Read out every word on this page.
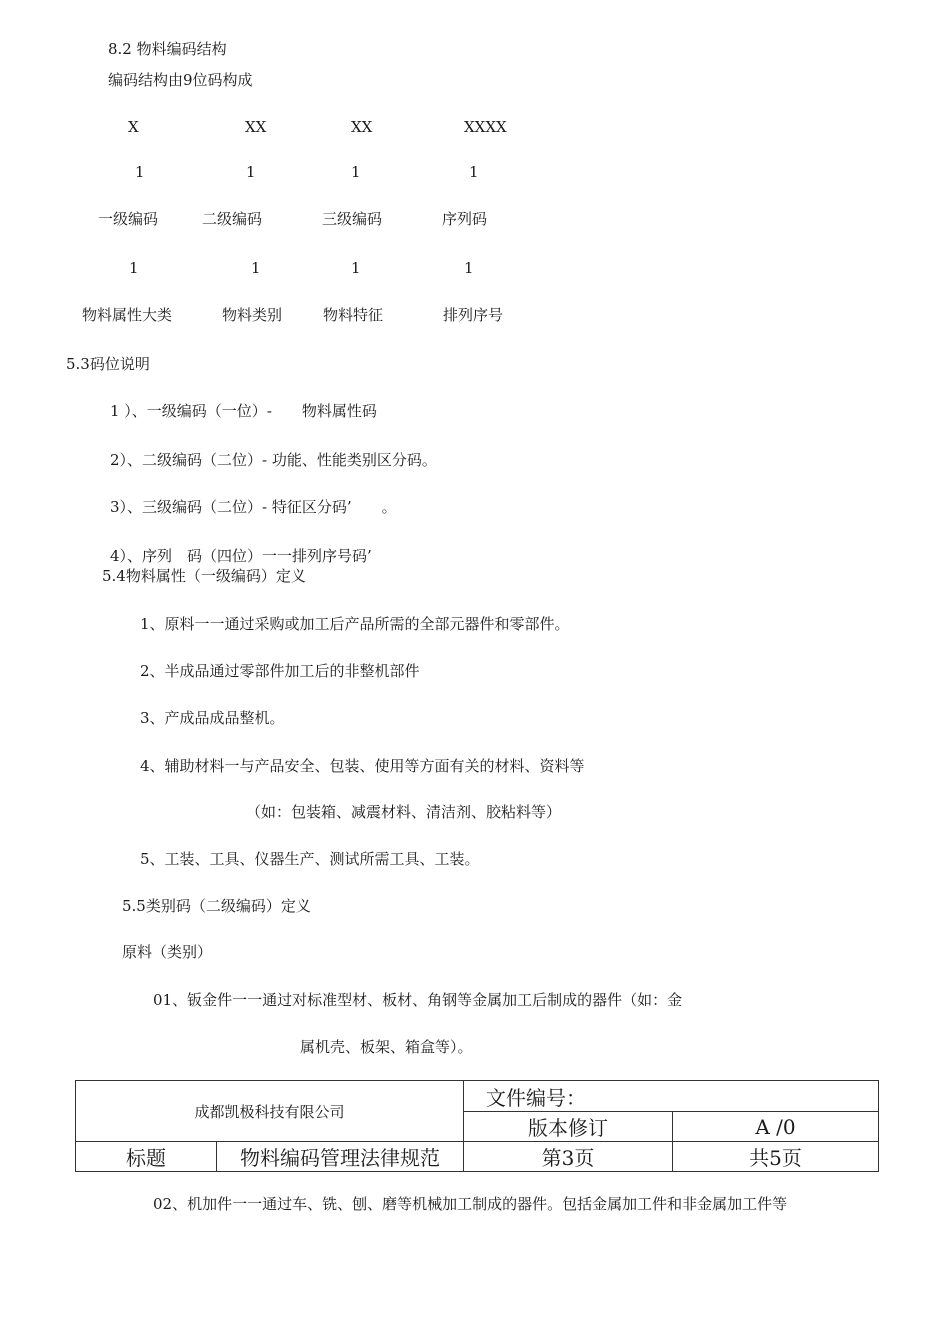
8.2 物料编码结构
编码结构由9位码构成
X	XX	XX	XXXX
1	1	1	1
一级编码	二级编码	三级编码	序列码
1	1	1	1
物料属性大类	物料类别	物料特征	排列序号
5.3码位说明
1 ）、一级编码（一位）-　　物料属性码
2）、二级编码（二位）- 功能、性能类别区分码。
3）、三级编码（二位）- 特征区分码’　　。
4）、序列　码（四位）一一排列序号码’
5.4物料属性（一级编码）定义
1、原料一一通过采购或加工后产品所需的全部元器件和零部件。
2、半成品通过零部件加工后的非整机部件
3、产成品成品整机。
4、辅助材料一与产品安全、包装、使用等方面有关的材料、资料等
（如：包装箱、减震材料、清洁剂、胶粘料等）
5、工装、工具、仪器生产、测试所需工具、工装。
5.5类别码（二级编码）定义
原料（类别）
01、钣金件一一通过对标准型材、板材、角钢等金属加工后制成的器件（如：金
属机壳、板架、箱盒等）。
成都凯极科技有限公司		文件编号：	
		版本修订	A /0
标题	物料编码管理法律规范	第3页	共5页
02、机加件一一通过车、铣、刨、磨等机械加工制成的器件。包括金属加工件和非金属加工件等
